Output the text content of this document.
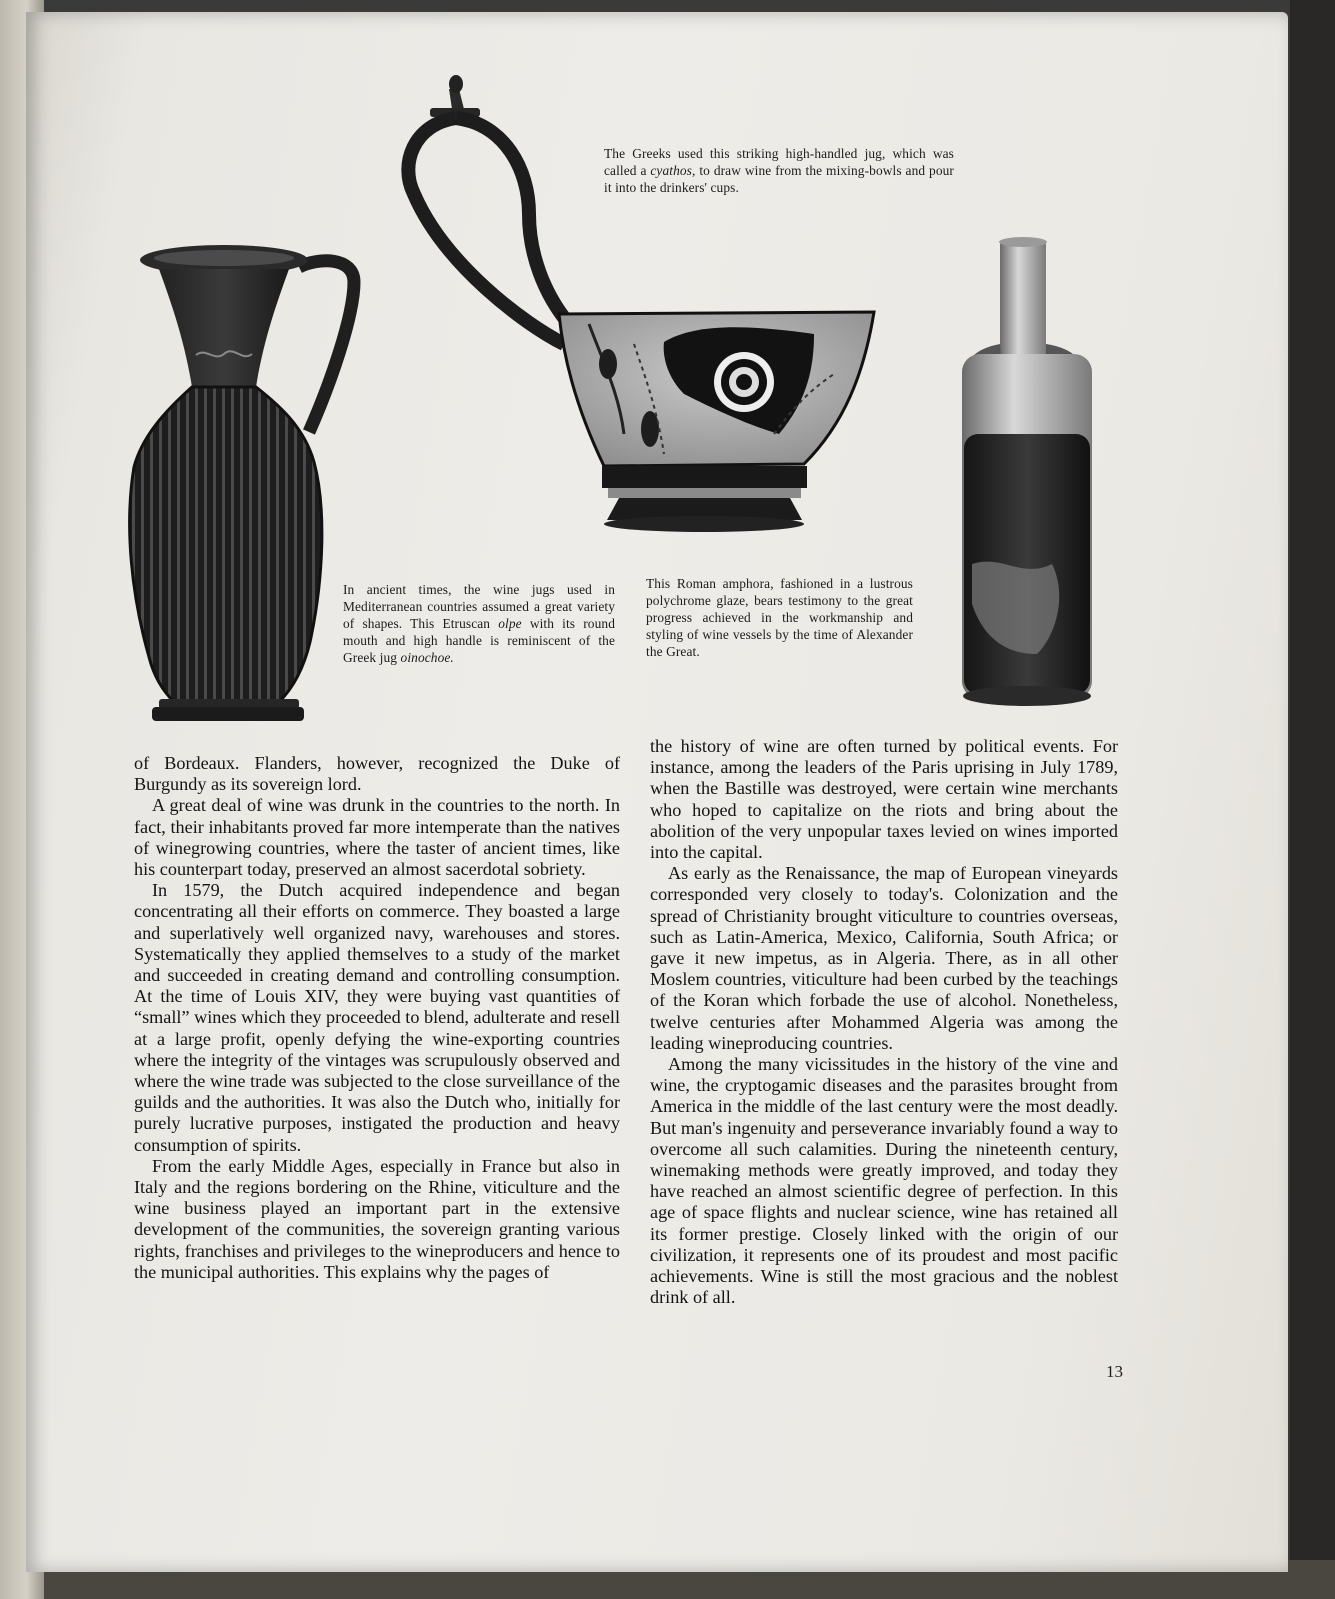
The Greeks used this striking high-handled jug, which was called a cyathos, to draw wine from the mixing-bowls and pour it into the drinkers' cups.
In ancient times, the wine jugs used in Mediterranean countries assumed a great variety of shapes. This Etruscan olpe with its round mouth and high handle is reminiscent of the Greek jug oinochoe.
This Roman amphora, fashioned in a lustrous polychrome glaze, bears testimony to the great progress achieved in the workmanship and styling of wine vessels by the time of Alexander the Great.

of Bordeaux. Flanders, however, recognized the Duke of Burgundy as its sovereign lord.

A great deal of wine was drunk in the countries to the north. In fact, their inhabitants proved far more intemperate than the natives of winegrowing countries, where the taster of ancient times, like his counterpart today, preserved an almost sacerdotal sobriety.

In 1579, the Dutch acquired independence and began concentrating all their efforts on commerce. They boasted a large and superlatively well organized navy, warehouses and stores. Systematically they applied themselves to a study of the market and succeeded in creating demand and controlling consumption. At the time of Louis XIV, they were buying vast quantities of “small” wines which they proceeded to blend, adulterate and resell at a large profit, openly defying the wine-exporting countries where the integrity of the vintages was scrupulously observed and where the wine trade was subjected to the close surveillance of the guilds and the authorities. It was also the Dutch who, initially for purely lucrative purposes, instigated the production and heavy consumption of spirits.

From the early Middle Ages, especially in France but also in Italy and the regions bordering on the Rhine, viticulture and the wine business played an important part in the extensive development of the communities, the sovereign granting various rights, franchises and privileges to the wineproducers and hence to the municipal authorities. This explains why the pages of

the history of wine are often turned by political events. For instance, among the leaders of the Paris uprising in July 1789, when the Bastille was destroyed, were certain wine merchants who hoped to capitalize on the riots and bring about the abolition of the very unpopular taxes levied on wines imported into the capital.

As early as the Renaissance, the map of European vineyards corresponded very closely to today's. Colonization and the spread of Christianity brought viticulture to countries overseas, such as Latin-America, Mexico, California, South Africa; or gave it new impetus, as in Algeria. There, as in all other Moslem countries, viticulture had been curbed by the teachings of the Koran which forbade the use of alcohol. Nonetheless, twelve centuries after Mohammed Algeria was among the leading wineproducing countries.

Among the many vicissitudes in the history of the vine and wine, the cryptogamic diseases and the parasites brought from America in the middle of the last century were the most deadly. But man's ingenuity and perseverance invariably found a way to overcome all such calamities. During the nineteenth century, winemaking methods were greatly improved, and today they have reached an almost scientific degree of perfection. In this age of space flights and nuclear science, wine has retained all its former prestige. Closely linked with the origin of our civilization, it represents one of its proudest and most pacific achievements. Wine is still the most gracious and the noblest drink of all.

13
